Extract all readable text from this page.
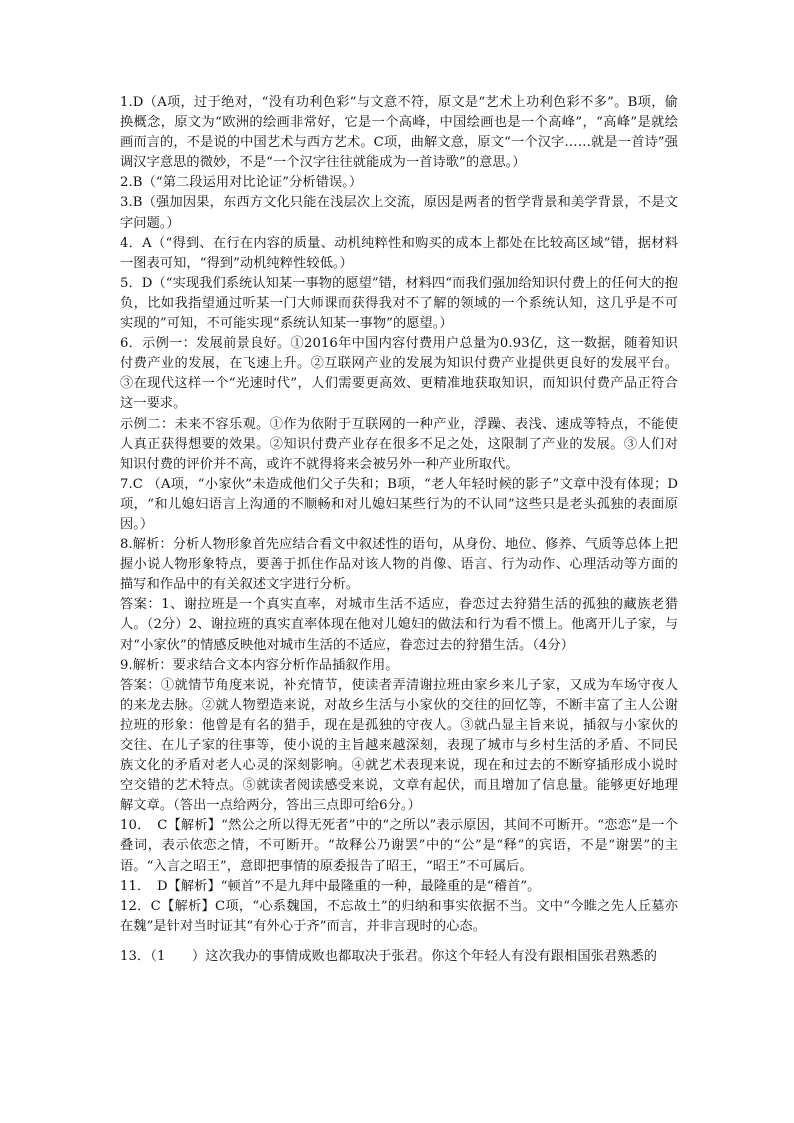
1.D（A项，过于绝对，“没有功利色彩”与文意不符，原文是“艺术上功利色彩不多”。B项，偷换概念，原文为“欧洲的绘画非常好，它是一个高峰，中国绘画也是一个高峰”，“高峰”是就绘画而言的，不是说的中国艺术与西方艺术。C项，曲解文意，原文“一个汉字……就是一首诗”强调汉字意思的微妙，不是“一个汉字往往就能成为一首诗歌”的意思。）

2.B（“第二段运用对比论证”分析错误。）

3.B（强加因果，东西方文化只能在浅层次上交流，原因是两者的哲学背景和美学背景，不是文字问题。）

4．A（“得到、在行在内容的质量、动机纯粹性和购买的成本上都处在比较高区域”错，据材料一图表可知，“得到”动机纯粹性较低。）

5．D（“实现我们系统认知某一事物的愿望”错，材料四“而我们强加给知识付费上的任何大的抱负，比如我指望通过听某一门大师课而获得我对不了解的领域的一个系统认知，这几乎是不可实现的”可知，不可能实现“系统认知某一事物”的愿望。）

6．示例一：发展前景良好。①2016年中国内容付费用户总量为0.93亿，这一数据，随着知识付费产业的发展，在飞速上升。②互联网产业的发展为知识付费产业提供更良好的发展平台。③在现代这样一个“光速时代”，人们需要更高效、更精准地获取知识，而知识付费产品正符合这一要求。

示例二：未来不容乐观。①作为依附于互联网的一种产业，浮躁、表浅、速成等特点，不能使人真正获得想要的效果。②知识付费产业存在很多不足之处，这限制了产业的发展。③人们对知识付费的评价并不高，或许不就得将来会被另外一种产业所取代。

7.C （A项，“小家伙”未造成他们父子失和；B项，“老人年轻时候的影子”文章中没有体现；D项，“和儿媳妇语言上沟通的不顺畅和对儿媳妇某些行为的不认同”这些只是老头孤独的表面原因。）

8.解析：分析人物形象首先应结合看文中叙述性的语句，从身份、地位、修养、气质等总体上把握小说人物形象特点，要善于抓住作品对该人物的肖像、语言、行为动作、心理活动等方面的描写和作品中的有关叙述文字进行分析。

答案：1、谢拉班是一个真实直率，对城市生活不适应，眷恋过去狩猎生活的孤独的藏族老猎人。（2分）2、谢拉班的真实直率体现在他对儿媳妇的做法和行为看不惯上。他离开儿子家，与对“小家伙”的情感反映他对城市生活的不适应，眷恋过去的狩猎生活。（4分）

9.解析：要求结合文本内容分析作品插叙作用。

答案：①就情节角度来说，补充情节，使读者弄清谢拉班由家乡来儿子家，又成为车场守夜人的来龙去脉。②就人物塑造来说，对故乡生活与小家伙的交往的回忆等，不断丰富了主人公谢拉班的形象：他曾是有名的猎手，现在是孤独的守夜人。③就凸显主旨来说，插叙与小家伙的交往、在儿子家的往事等，使小说的主旨越来越深刻，表现了城市与乡村生活的矛盾、不同民族文化的矛盾对老人心灵的深刻影响。④就艺术表现来说，现在和过去的不断穿插形成小说时空交错的艺术特点。⑤就读者阅读感受来说，文章有起伏，而且增加了信息量。能够更好地理解文章。（答出一点给两分，答出三点即可给6分。）

10．　C【解析】“然公之所以得无死者”中的“之所以”表示原因，其间不可断开。“恋恋”是一个叠词，表示依恋之情，不可断开。“故释公乃谢罢”中的“公”是“释”的宾语，不是“谢罢”的主语。“入言之昭王”，意即把事情的原委报告了昭王，“昭王”不可属后。

11．　D【解析】“顿首”不是九拜中最隆重的一种，最隆重的是“稽首”。

12．C【解析】C项，“心系魏国，不忘故土”的归纳和事实依据不当。文中“今睢之先人丘墓亦在魏”是针对当时证其“有外心于齐”而言，并非言现时的心态。

13．（1　　）这次我办的事情成败也都取决于张君。你这个年轻人有没有跟相国张君熟悉的
